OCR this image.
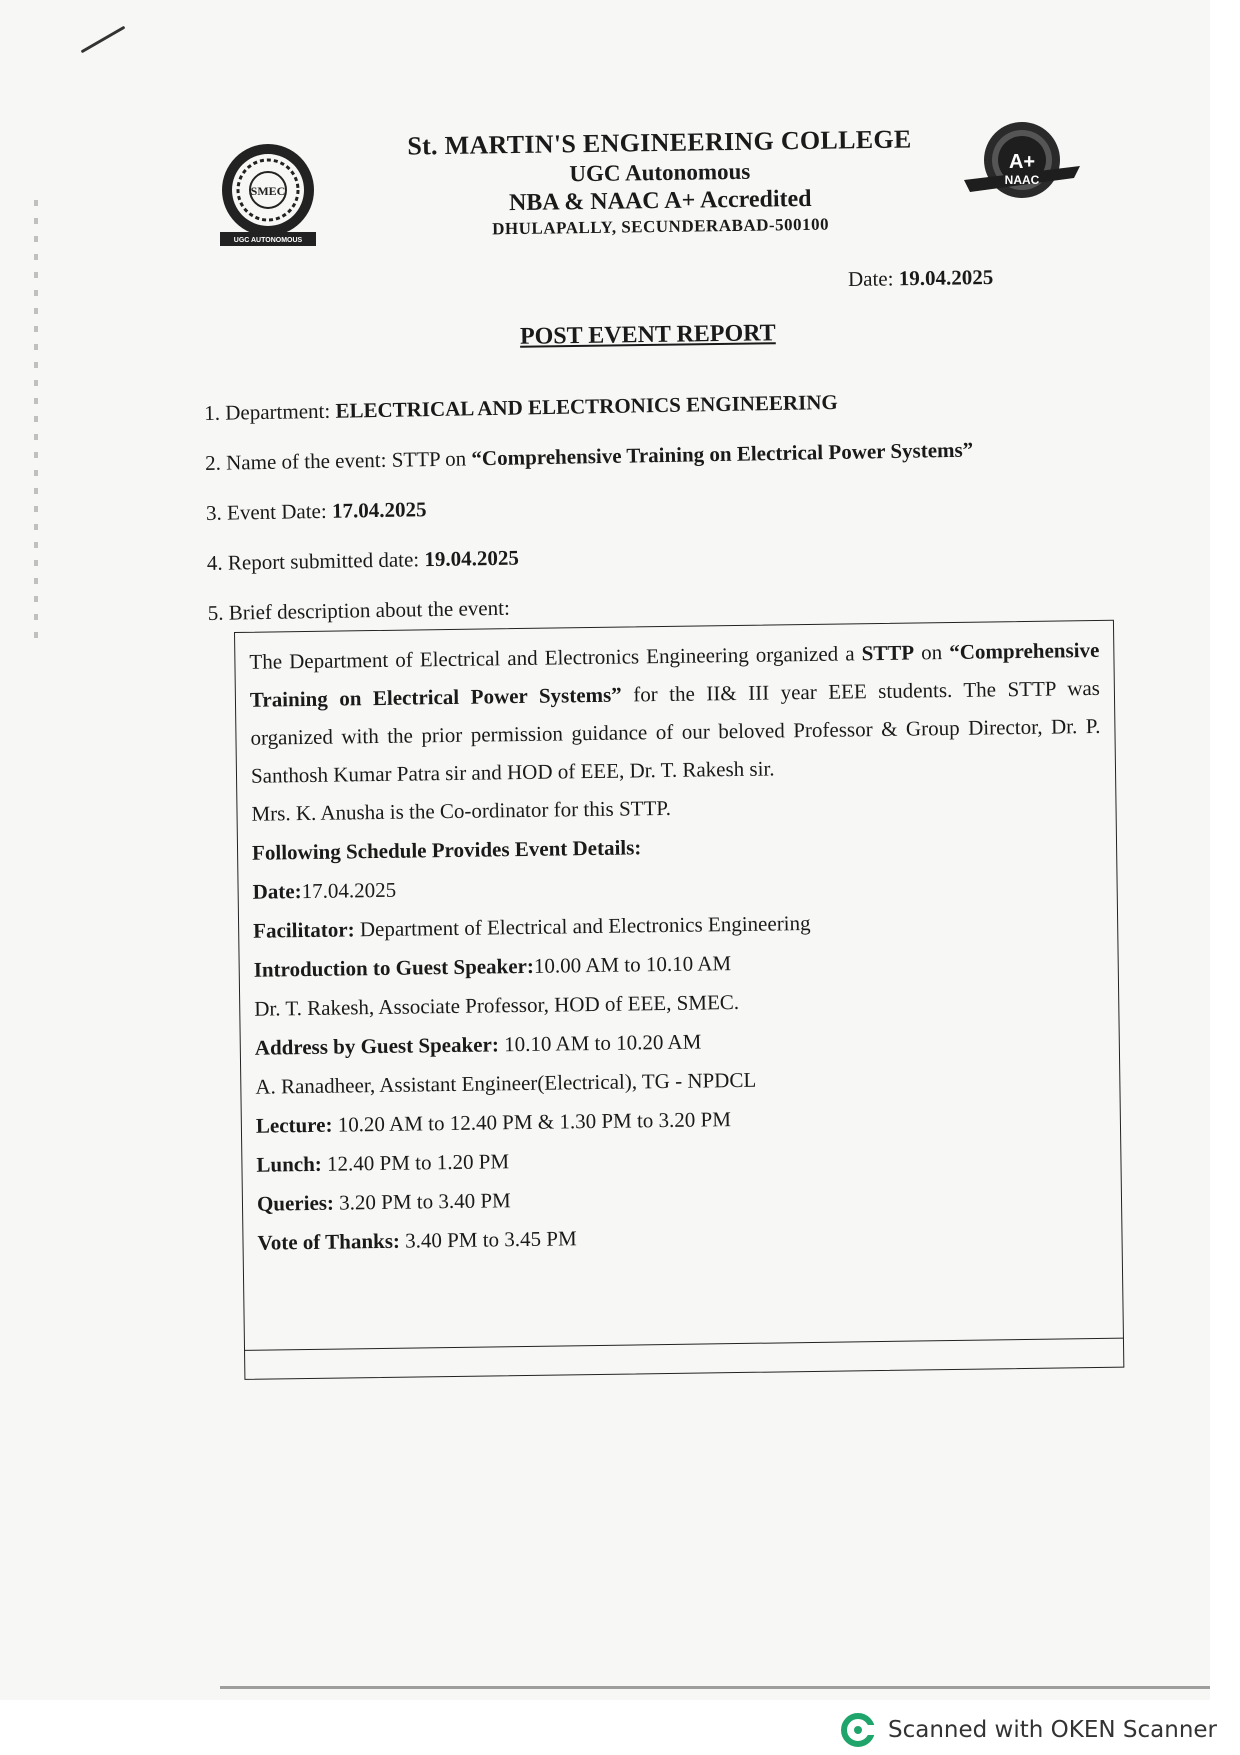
SMEC
UGC AUTONOMOUS
A+
NAAC
St. MARTIN'S ENGINEERING COLLEGE
UGC Autonomous
NBA & NAAC A+ Accredited
DHULAPALLY, SECUNDERABAD-500100
Date: 19.04.2025
POST EVENT REPORT
1. Department: ELECTRICAL AND ELECTRONICS ENGINEERING
2. Name of the event: STTP on “Comprehensive Training on Electrical Power Systems”
3. Event Date: 17.04.2025
4. Report submitted date: 19.04.2025
5. Brief description about the event:
The Department of Electrical and Electronics Engineering organized a STTP on “Comprehensive Training on Electrical Power Systems” for the II& III year EEE students. The STTP was organized with the prior permission guidance of our beloved Professor & Group Director, Dr. P. Santhosh Kumar Patra sir and HOD of EEE, Dr. T. Rakesh sir.
Mrs. K. Anusha is the Co-ordinator for this STTP.
Following Schedule Provides Event Details:
Date:17.04.2025
Facilitator: Department of Electrical and Electronics Engineering
Introduction to Guest Speaker:10.00 AM to 10.10 AM
Dr. T. Rakesh, Associate Professor, HOD of EEE, SMEC.
Address by Guest Speaker: 10.10 AM to 10.20 AM
A. Ranadheer, Assistant Engineer(Electrical), TG - NPDCL
Lecture: 10.20 AM to 12.40 PM & 1.30 PM to 3.20 PM
Lunch: 12.40 PM to 1.20 PM
Queries: 3.20 PM to 3.40 PM
Vote of Thanks: 3.40 PM to 3.45 PM
Scanned with OKEN Scanner
